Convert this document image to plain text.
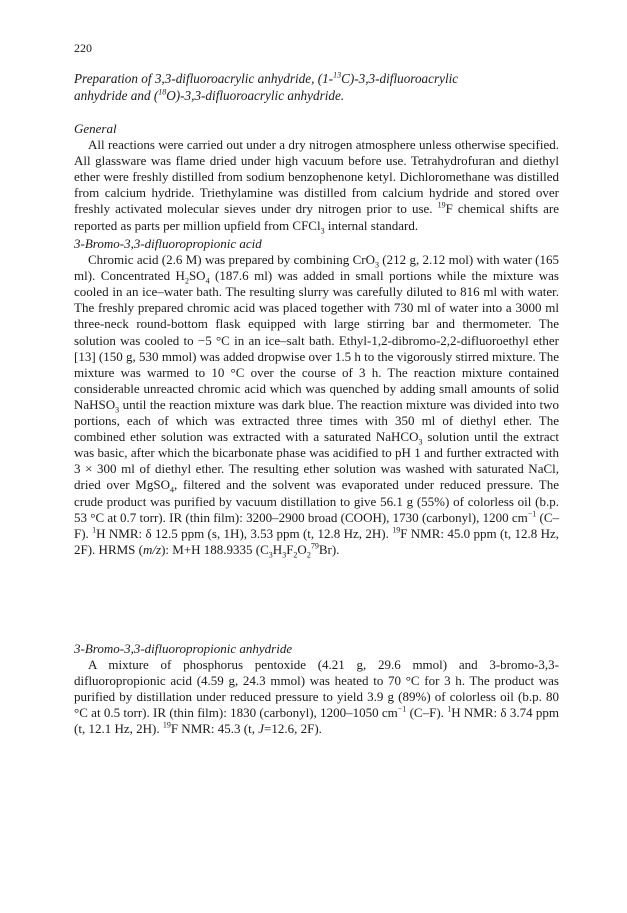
220
Preparation of 3,3-difluoroacrylic anhydride, (1-$^{13}$C)-3,3-difluoroacrylic
anhydride and ($^{18}$O)-3,3-difluoroacrylic anhydride.
General

All reactions were carried out under a dry nitrogen atmosphere unless otherwise specified. All glassware was flame dried under high vacuum before use. Tetrahydrofuran and diethyl ether were freshly distilled from sodium benzophenone ketyl. Dichloromethane was distilled from calcium hydride. Triethylamine was distilled from calcium hydride and stored over freshly activated molecular sieves under dry nitrogen prior to use. $^{19}$F chemical shifts are reported as parts per million upfield from CFCl$_3$ internal standard.

3-Bromo-3,3-difluoropropionic acid

Chromic acid (2.6 M) was prepared by combining CrO$_3$ (212 g, 2.12 mol) with water (165 ml). Concentrated $H_2SO_4$ (187.6 ml) was added in small portions while the mixture was cooled in an ice–water bath. The resulting slurry was carefully diluted to 816 ml with water. The freshly prepared chromic acid was placed together with 730 ml of water into a 3000 ml three-neck round-bottom flask equipped with large stirring bar and thermometer. The solution was cooled to −5 °C in an ice–salt bath. Ethyl-1,2-dibromo-2,2-difluoroethyl ether [13] (150 g, 530 mmol) was added dropwise over 1.5 h to the vigorously stirred mixture. The mixture was warmed to 10 °C over the course of 3 h. The reaction mixture contained considerable unreacted chromic acid which was quenched by adding small amounts of solid NaHSO$_3$ until the reaction mixture was dark blue. The reaction mixture was divided into two portions, each of which was extracted three times with 350 ml of diethyl ether. The combined ether solution was extracted with a saturated NaHCO$_3$ solution until the extract was basic, after which the bicarbonate phase was acidified to pH 1 and further extracted with 3 × 300 ml of diethyl ether. The resulting ether solution was washed with saturated NaCl, dried over MgSO$_4$, filtered and the solvent was evaporated under reduced pressure. The crude product was purified by vacuum distillation to give 56.1 g (55%) of colorless oil (b.p. 53 °C at 0.7 torr). IR (thin film): 3200–2900 broad (COOH), 1730 (carbonyl), 1200 $cm^{-1}$ (C–F). $^1$H NMR: δ 12.5 ppm (s, 1H), 3.53 ppm (t, 12.8 Hz, 2H). $^{19}$F NMR: 45.0 ppm (t, 12.8 Hz, 2F). HRMS (m/z): M+H 188.9335 $(C_3H_3F_2O_2^{79}Br)$.

3-Bromo-3,3-difluoropropionic anhydride

A mixture of phosphorus pentoxide (4.21 g, 29.6 mmol) and 3-bromo-3,3-difluoropropionic acid (4.59 g, 24.3 mmol) was heated to 70 °C for 3 h. The product was purified by distillation under reduced pressure to yield 3.9 g (89%) of colorless oil (b.p. 80 °C at 0.5 torr). IR (thin film): 1830 (carbonyl), 1200–1050 $cm^{-1}$ (C–F). $^1$H NMR: δ 3.74 ppm (t, 12.1 Hz, 2H). $^{19}$F NMR: 45.3 (t, J=12.6, 2F).
